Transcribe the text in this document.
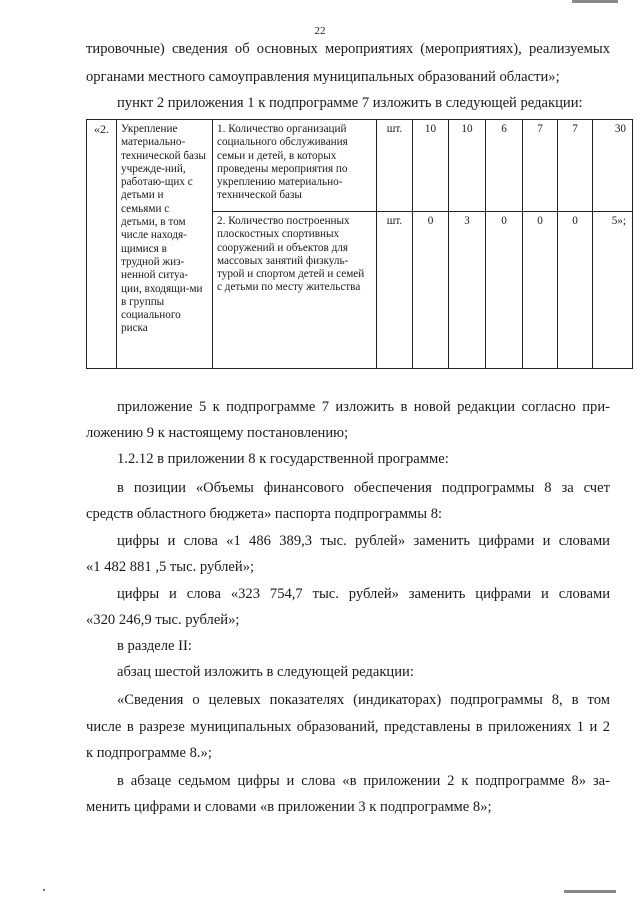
22
тировочные) сведения об основных мероприятиях (мероприятиях), реализуемых
органами местного самоуправления муниципальных образований области»;
пункт 2 приложения 1 к подпрограмме 7 изложить в следующей редакции:
«2.	Укрепление материально-технической базы учрежде-ний, работаю-щих с детьми и семьями с детьми, в том числе находя-щимися в трудной жиз-ненной ситуа-ции, входящи-ми в группы социального риска	1. Количество организаций социального обслуживания семьи и детей, в которых проведены мероприятия по укреплению материально-технической базы	шт.	10	10	6	7	7	30
		2. Количество построенных плоскостных спортивных сооружений и объектов для массовых занятий физкуль-турой и спортом детей и семей с детьми по месту жительства	шт.	0	3	0	0	0	5»;
приложение 5 к подпрограмме 7 изложить в новой редакции согласно при-
ложению 9 к настоящему постановлению;
1.2.12 в приложении 8 к государственной программе:
в позиции «Объемы финансового обеспечения подпрограммы 8 за счет
средств областного бюджета» паспорта подпрограммы 8:
цифры и слова «1 486 389,3 тыс. рублей» заменить цифрами и словами
«1 482 881 ,5 тыс. рублей»;
цифры и слова «323 754,7 тыс. рублей» заменить цифрами и словами
«320 246,9 тыс. рублей»;
в разделе II:
абзац шестой изложить в следующей редакции:
«Сведения о целевых показателях (индикаторах) подпрограммы 8, в том
числе в разрезе муниципальных образований, представлены в приложениях 1 и 2
к подпрограмме 8.»;
в абзаце седьмом цифры и слова «в приложении 2 к подпрограмме 8» за-
менить цифрами и словами «в приложении 3 к подпрограмме 8»;
